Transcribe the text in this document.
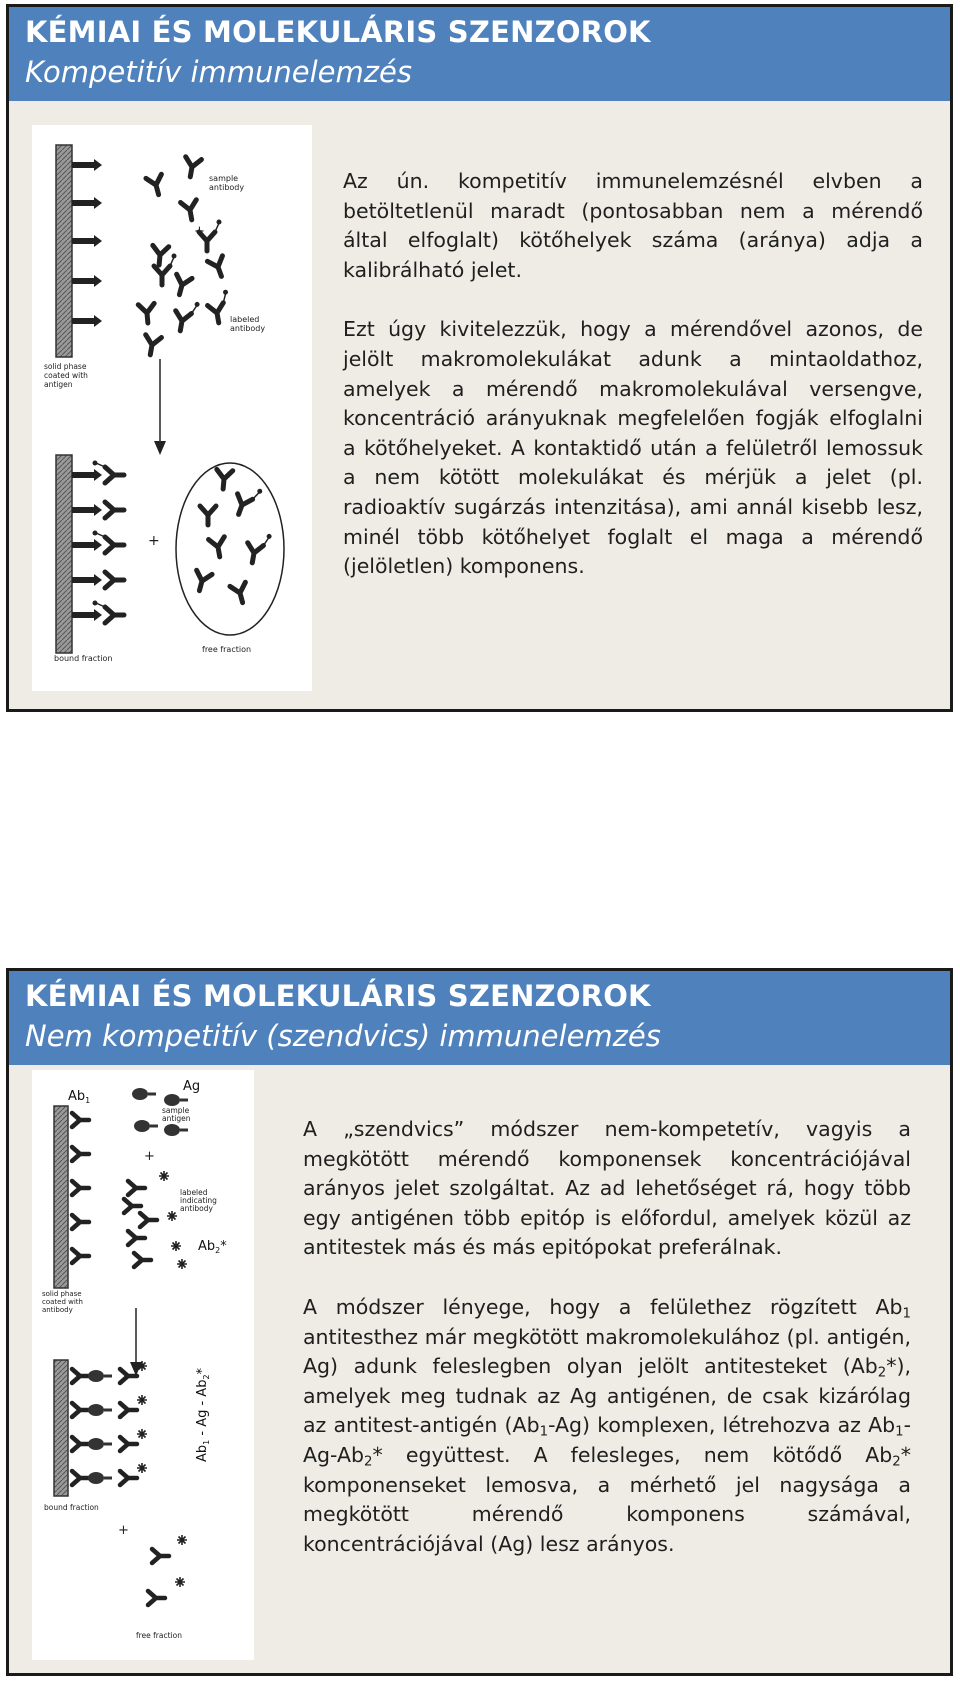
KÉMIAI ÉS MOLEKULÁRIS SZENZOROK
Kompetitív immunelemzés
sample
antibody
+
labeled
antibody
solid phase
coated with
antigen
+
bound fraction
free fraction

Az ún. kompetitív immunelemzésnél elvben a betöltetlenül maradt (pontosabban nem a mérendő által elfoglalt) kötőhelyek száma (aránya) adja a kalibrálható jelet.

Ezt úgy kivitelezzük, hogy a mérendővel azonos, de jelölt makromolekulákat adunk a mintaoldathoz, amelyek a mérendő makromolekulával versengve, koncentráció arányuknak megfelelően fogják elfoglalni a kötőhelyeket. A kontaktidő után a felületről lemossuk a nem kötött molekulákat és mérjük a jelet (pl. radioaktív sugárzás intenzitása), ami annál kisebb lesz, minél több kötőhelyet foglalt el maga a mérendő (jelöletlen) komponens.

KÉMIAI ÉS MOLEKULÁRIS SZENZOROK
Nem kompetitív (szendvics) immunelemzés
$Ab_1$
Ag
sample
antigen
+
labeled
indicating
antibody
$Ab_2*$
solid phase
coated with
antibody
$Ab_1$ - Ag - $Ab_2*$
bound fraction
+
free fraction

A „szendvics” módszer nem-kompetetív, vagyis a megkötött mérendő komponensek koncentrációjával arányos jelet szolgáltat. Az ad lehetőséget rá, hogy több egy antigénen több epitóp is előfordul, amelyek közül az antitestek más és más epitópokat preferálnak.

A módszer lényege, hogy a felülethez rögzített $Ab_1$ antitesthez már megkötött makromolekulához (pl. antigén, Ag) adunk feleslegben olyan jelölt antitesteket $(Ab_2*)$, amelyek meg tudnak az Ag antigénen, de csak kizárólag az antitest-antigén $(Ab_1-Ag)$ komplexen, létrehozva az $Ab_1-Ag-Ab_2*$ együttest. A felesleges, nem kötődő $Ab_2*$ komponenseket lemosva, a mérhető jel nagysága a megkötött mérendő komponens számával, koncentrációjával (Ag) lesz arányos.
